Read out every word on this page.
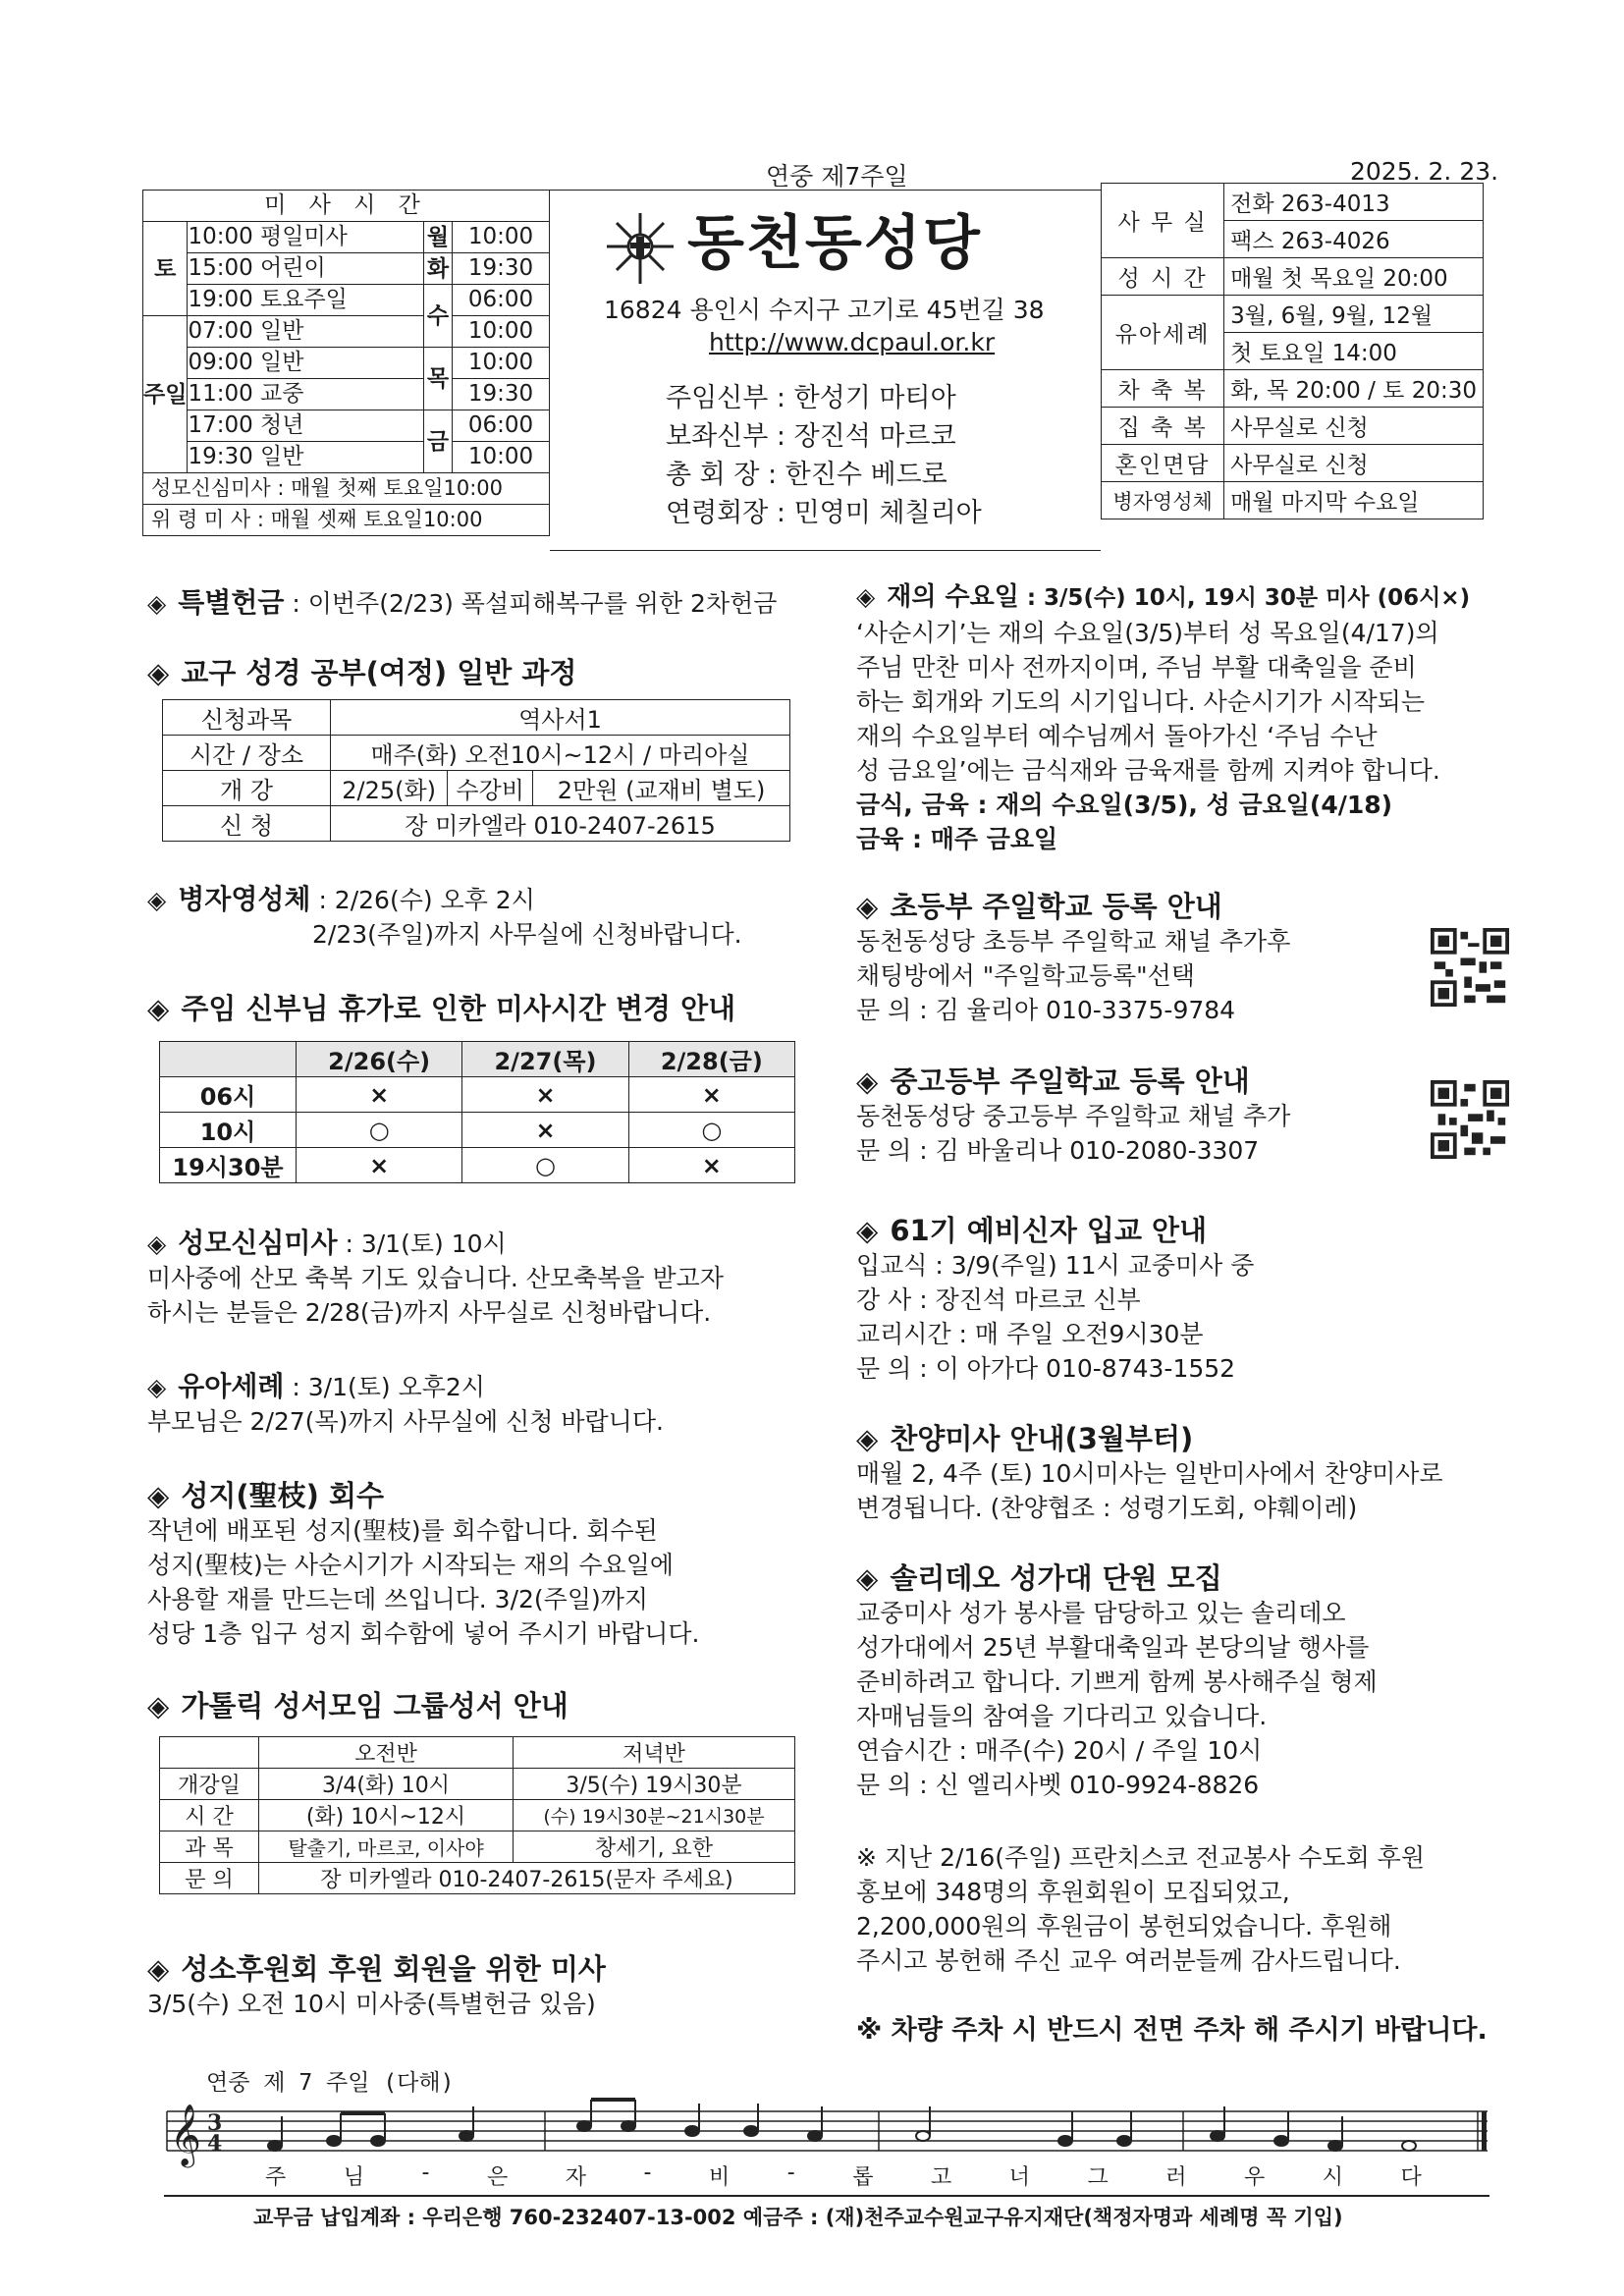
연중 제7주일	2025. 2. 23.
미 사 시 간			
토	10:00 평일미사	월	10:00
	15:00 어린이	화	19:30
	19:00 토요주일	수	06:00
주일	07:00 일반		10:00
	09:00 일반	목	10:00
	11:00 교중		19:30
	17:00 청년	금	06:00
	19:30 일반		10:00
성모신심미사 : 매월 첫째 토요일10:00			
위 령 미 사 : 매월 셋째 토요일10:00			
동천동성당
16824 용인시 수지구 고기로 45번길 38
http://www.dcpaul.or.kr
주임신부 : 한성기 마티아
보좌신부 : 장진석 마르코
총 회 장 : 한진수 베드로
연령회장 : 민영미 체칠리아
사 무 실	전화 263-4013
	팩스 263-4026
성 시 간	매월 첫 목요일 20:00
유아세례	3월, 6월, 9월, 12월
	첫 토요일 14:00
차 축 복	화, 목 20:00 / 토 20:30
집 축 복	사무실로 신청
혼인면담	사무실로 신청
병자영성체	매월 마지막 수요일

◈ 특별헌금 : 이번주(2/23) 폭설피해복구를 위한 2차헌금

◈ 교구 성경 공부(여정) 일반 과정
신청과목	역사서1		
시간 / 장소	매주(화) 오전10시~12시 / 마리아실		
개 강	2/25(화)	수강비	2만원 (교재비 별도)
신 청	장 미카엘라 010-2407-2615		

◈ 병자영성체 : 2/26(수) 오후 2시

2/23(주일)까지 사무실에 신청바랍니다.

◈ 주임 신부님 휴가로 인한 미사시간 변경 안내
	2/26(수)	2/27(목)	2/28(금)
06시	×	×	×
10시	○	×	○
19시30분	×	○	×

◈ 성모신심미사 : 3/1(토) 10시

미사중에 산모 축복 기도 있습니다. 산모축복을 받고자

하시는 분들은 2/28(금)까지 사무실로 신청바랍니다.

◈ 유아세례 : 3/1(토) 오후2시

부모님은 2/27(목)까지 사무실에 신청 바랍니다.

◈ 성지(聖枝) 회수

작년에 배포된 성지(聖枝)를 회수합니다. 회수된

성지(聖枝)는 사순시기가 시작되는 재의 수요일에

사용할 재를 만드는데 쓰입니다. 3/2(주일)까지

성당 1층 입구 성지 회수함에 넣어 주시기 바랍니다.

◈ 가톨릭 성서모임 그룹성서 안내
	오전반	저녁반
개강일	3/4(화) 10시	3/5(수) 19시30분
시 간	(화) 10시~12시	(수) 19시30분~21시30분
과 목	탈출기, 마르코, 이사야	창세기, 요한
문 의	장 미카엘라 010-2407-2615(문자 주세요)	
◈ 성소후원회 후원 회원을 위한 미사

3/5(수) 오전 10시 미사중(특별헌금 있음)

◈ 재의 수요일 : 3/5(수) 10시, 19시 30분 미사 (06시×)

‘사순시기’는 재의 수요일(3/5)부터 성 목요일(4/17)의

주님 만찬 미사 전까지이며, 주님 부활 대축일을 준비

하는 회개와 기도의 시기입니다. 사순시기가 시작되는

재의 수요일부터 예수님께서 돌아가신 ‘주님 수난

성 금요일’에는 금식재와 금육재를 함께 지켜야 합니다.

금식, 금육 : 재의 수요일(3/5), 성 금요일(4/18)

금육 : 매주 금요일

◈ 초등부 주일학교 등록 안내

동천동성당 초등부 주일학교 채널 추가후

채팅방에서 "주일학교등록"선택

문 의 : 김 율리아 010-3375-9784

◈ 중고등부 주일학교 등록 안내

동천동성당 중고등부 주일학교 채널 추가

문 의 : 김 바울리나 010-2080-3307

◈ 61기 예비신자 입교 안내

입교식 : 3/9(주일) 11시 교중미사 중

강 사 : 장진석 마르코 신부

교리시간 : 매 주일 오전9시30분

문 의 : 이 아가다 010-8743-1552

◈ 찬양미사 안내(3월부터)

매월 2, 4주 (토) 10시미사는 일반미사에서 찬양미사로

변경됩니다. (찬양협조 : 성령기도회, 야훼이레)

◈ 솔리데오 성가대 단원 모집

교중미사 성가 봉사를 담당하고 있는 솔리데오

성가대에서 25년 부활대축일과 본당의날 행사를

준비하려고 합니다. 기쁘게 함께 봉사해주실 형제

자매님들의 참여을 기다리고 있습니다.

연습시간 : 매주(수) 20시 / 주일 10시

문 의 : 신 엘리사벳 010-9924-8826

※ 지난 2/16(주일) 프란치스코 전교봉사 수도회 후원

홍보에 348명의 후원회원이 모집되었고,

2,200,000원의 후원금이 봉헌되었습니다. 후원해

주시고 봉헌해 주신 교우 여러분들께 감사드립니다.

※ 차량 주차 시 반드시 전면 주차 해 주시기 바랍니다.
연중 제 7 주일 (다해)
𝄞 3
4
주	님	-	은	자	-	비	-	롭	고	너	그	러	우	시	다
교무금 납입계좌 : 우리은행 760-232407-13-002 예금주 : (재)천주교수원교구유지재단(책정자명과 세례명 꼭 기입)
